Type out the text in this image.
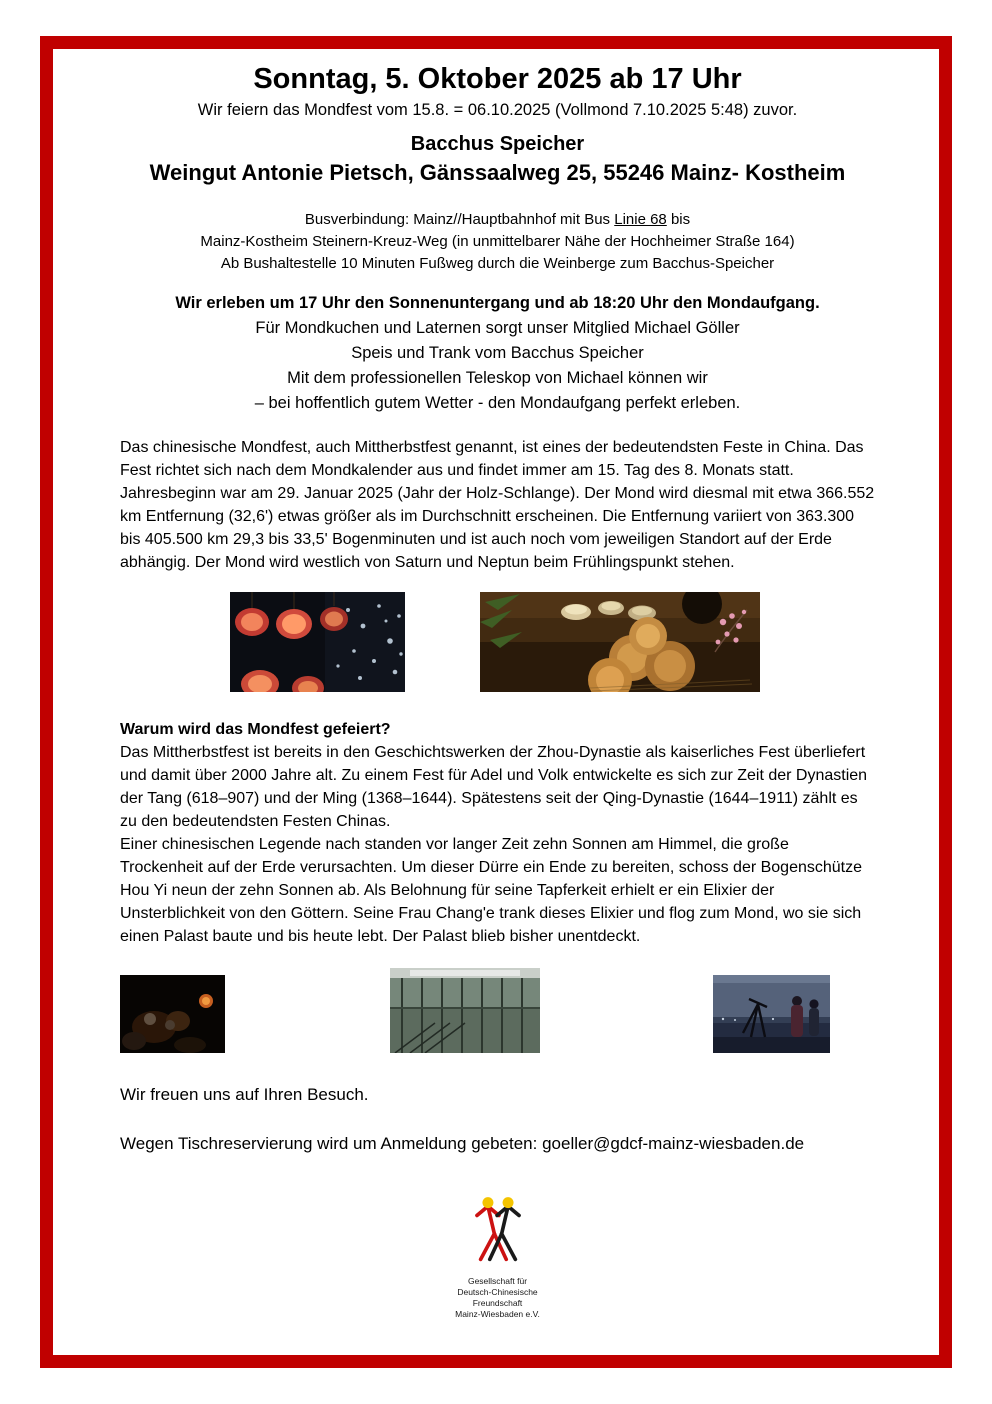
Sonntag, 5. Oktober 2025 ab 17 Uhr

Wir feiern das Mondfest vom 15.8. = 06.10.2025 (Vollmond 7.10.2025 5:48) zuvor.

Bacchus Speicher

Weingut Antonie Pietsch, Gänssaalweg 25, 55246 Mainz- Kostheim

Busverbindung: Mainz//Hauptbahnhof mit Bus Linie 68 bis

Mainz-Kostheim Steinern-Kreuz-Weg (in unmittelbarer Nähe der Hochheimer Straße 164)

Ab Bushaltestelle 10 Minuten Fußweg durch die Weinberge zum Bacchus-Speicher

Wir erleben um 17 Uhr den Sonnenuntergang und ab 18:20 Uhr den Mondaufgang.

Für Mondkuchen und Laternen sorgt unser Mitglied Michael Göller

Speis und Trank vom Bacchus Speicher

Mit dem professionellen Teleskop von Michael können wir

– bei hoffentlich gutem Wetter - den Mondaufgang perfekt erleben.

Das chinesische Mondfest, auch Mittherbstfest genannt, ist eines der bedeutendsten Feste in China. Das Fest richtet sich nach dem Mondkalender aus und findet immer am 15. Tag des 8. Monats statt. Jahresbeginn war am 29. Januar 2025 (Jahr der Holz-Schlange). Der Mond wird diesmal mit etwa 366.552 km Entfernung (32,6') etwas größer als im Durchschnitt erscheinen. Die Entfernung variiert von 363.300 bis 405.500 km 29,3 bis 33,5' Bogenminuten und ist auch noch vom jeweiligen Standort auf der Erde abhängig. Der Mond wird westlich von Saturn und Neptun beim Frühlingspunkt stehen.

Warum wird das Mondfest gefeiert?

Das Mittherbstfest ist bereits in den Geschichtswerken der Zhou-Dynastie als kaiserliches Fest überliefert und damit über 2000 Jahre alt. Zu einem Fest für Adel und Volk entwickelte es sich zur Zeit der Dynastien der Tang (618–907) und der Ming (1368–1644). Spätestens seit der Qing-Dynastie (1644–1911) zählt es zu den bedeutendsten Festen Chinas.

Einer chinesischen Legende nach standen vor langer Zeit zehn Sonnen am Himmel, die große Trockenheit auf der Erde verursachten. Um dieser Dürre ein Ende zu bereiten, schoss der Bogenschütze Hou Yi neun der zehn Sonnen ab. Als Belohnung für seine Tapferkeit erhielt er ein Elixier der Unsterblichkeit von den Göttern. Seine Frau Chang'e trank dieses Elixier und flog zum Mond, wo sie sich einen Palast baute und bis heute lebt. Der Palast blieb bisher unentdeckt.

Wir freuen uns auf Ihren Besuch.

Wegen Tischreservierung wird um Anmeldung gebeten: goeller@gdcf-mainz-wiesbaden.de

Gesellschaft für
Deutsch-Chinesische
Freundschaft
Mainz-Wiesbaden e.V.
